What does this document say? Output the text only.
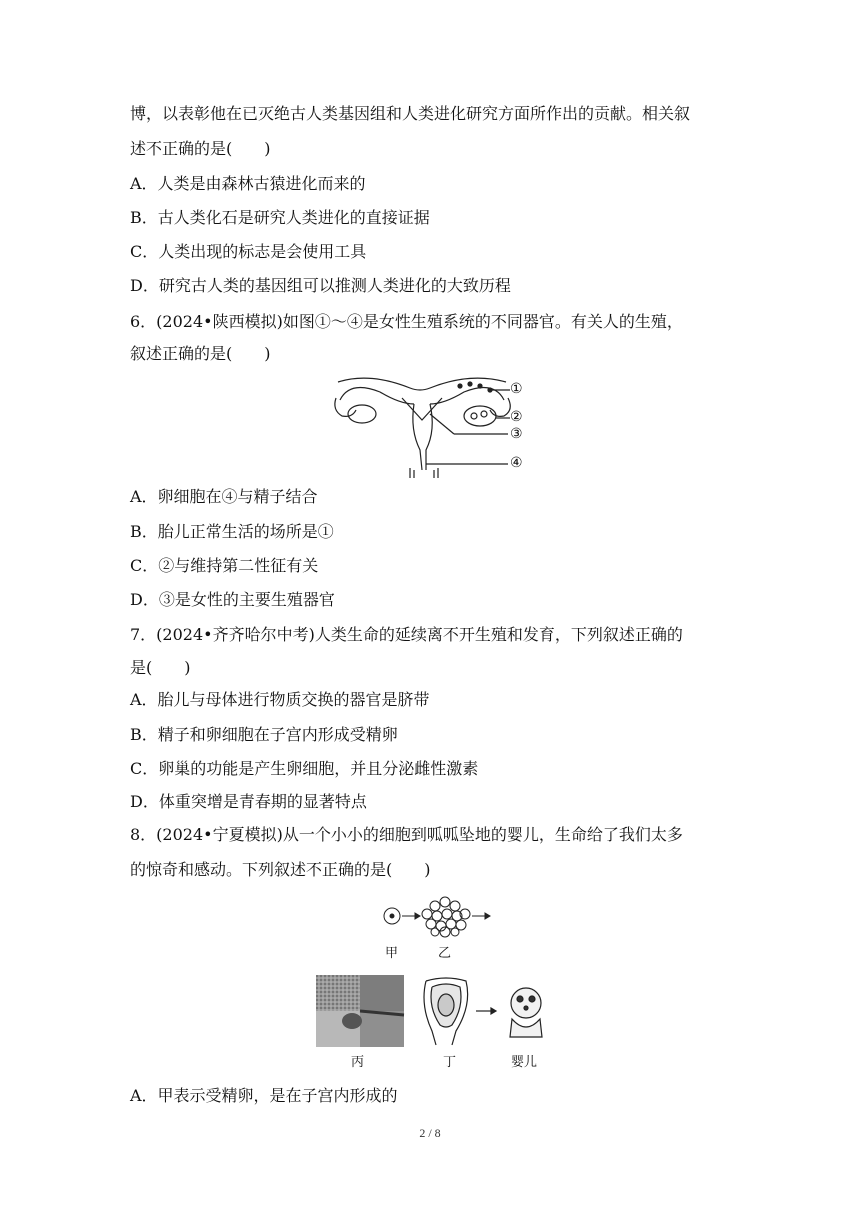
博，以表彰他在已灭绝古人类基因组和人类进化研究方面所作出的贡献。相关叙
述不正确的是(　　)
A．人类是由森林古猿进化而来的
B．古人类化石是研究人类进化的直接证据
C．人类出现的标志是会使用工具
D．研究古人类的基因组可以推测人类进化的大致历程
6．(2024•陕西模拟)如图①～④是女性生殖系统的不同器官。有关人的生殖，
叙述正确的是(　　)
①
②
③
④
A．卵细胞在④与精子结合
B．胎儿正常生活的场所是①
C．②与维持第二性征有关
D．③是女性的主要生殖器官
7．(2024•齐齐哈尔中考)人类生命的延续离不开生殖和发育，下列叙述正确的
是(　　)
A．胎儿与母体进行物质交换的器官是脐带
B．精子和卵细胞在子宫内形成受精卵
C．卵巢的功能是产生卵细胞，并且分泌雌性激素
D．体重突增是青春期的显著特点
8．(2024•宁夏模拟)从一个小小的细胞到呱呱坠地的婴儿，生命给了我们太多
的惊奇和感动。下列叙述不正确的是(　　)
甲	乙
丙	丁	婴儿
A．甲表示受精卵，是在子宫内形成的
2 / 8
